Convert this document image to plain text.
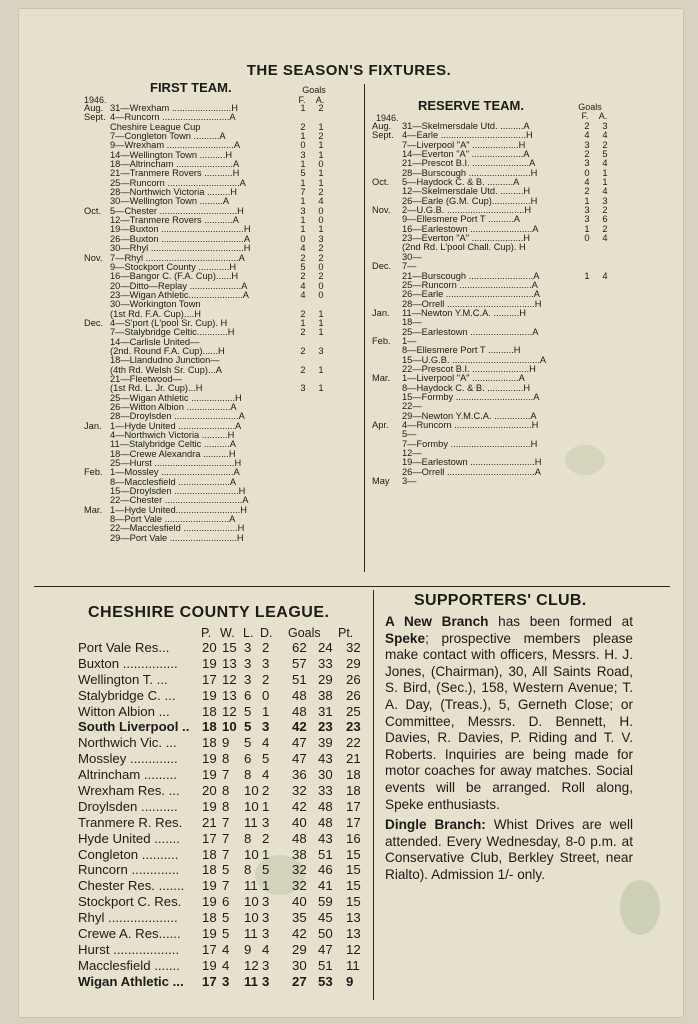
THE SEASON'S FIXTURES.
FIRST TEAM.	Goals
F.	A.
1946.
Aug. 31—Wrexham .......................H	1 2
Sept. 4—Runcorn ..........................A
Cheshire League Cup	2 1
7—Congleton Town ..........A	1 2
9—Wrexham ..........................A	0 1
14—Wellington Town ..........H	3 1
18—Altrincham ......................A	1 0
21—Tranmere Rovers ...........H	5 1
25—Runcorn ............................A	1 1
28—Northwich Victoria .........H	7 2
30—Wellington Town .........A	1 4
Oct. 5—Chester ..............................H	3 0
12—Tranmere Rovers ...........A	1 0
19—Buxton ................................H	1 1
26—Buxton ................................A	0 3
30—Rhyl ....................................H	4 2
Nov. 7—Rhyl ....................................A	2 2
9—Stockport County ............H	5 0
16—Bangor C. (F.A. Cup)......H	2 2
20—Ditto—Replay ....................A	4 0
23—Wigan Athletic.....................A	4 0
30—Workington Town
(1st Rd. F.A. Cup)....H	2 1
Dec. 4—S'port (L'pool Sr. Cup). H	1 1
7—Stalybridge Celtic............H	2 1
14—Carlisle United—
(2nd. Round F.A. Cup)......H	2 3
18—Llandudno Junction—
(4th Rd. Welsh Sr. Cup)...A	2 1
21—Fleetwood—
(1st Rd. L. Jr. Cup)...H	3 1
25—Wigan Athletic .................H
26—Witton Albion .................A
28—Droylsden .........................A
Jan. 1—Hyde United ......................A
4—Northwich Victoria ..........H
11—Stalybridge Celtic ..........A
18—Crewe Alexandra ..........H
25—Hurst ...............................H
Feb. 1—Mossley ............................A
8—Macclesfield ....................A
15—Droylsden .........................H
22—Chester ..............................A
Mar. 1—Hyde United.........................H
8—Port Vale .........................A
22—Macclesfield .....................H
29—Port Vale ..........................H
RESERVE TEAM.	Goals
F.	A.
1946.
Aug.	31—Skelmersdale Utd. .........A	2 3
Sept. 4—Earle .................................H	4 4
7—Liverpool "A" ..................H	3 2
14—Everton "A" ....................A	2 5
21—Prescot B.I. ......................A	3 4
28—Burscough ........................H	0 1
Oct.	5—Haydock C. & B. ..........A	4 1
12—Skelmersdale Utd. .........H	2 4
26—Earle (G.M. Cup)...............H	1 3
Nov.	2—U.G.B. ..............................H	3 2
9—Ellesmere Port T ..........A	3 6
16—Earlestown ........................A	1 2
23—Everton "A" ....................H	0 4
(2nd Rd. L'pool Chall. Cup). H
30—
Dec.	7—
21—Burscough .........................A	1 4
25—Runcorn ............................A
26—Earle ..................................A
28—Orrell ..................................H
Jan.	11—Newton Y.M.C.A. ..........H
18—
25—Earlestown ........................A
Feb.	1—
8—Ellesmere Port T ..........H
15—U.G.B. ..................................A
22—Prescot B.I. ......................H
Mar.	1—Liverpool "A" ..................A
8—Haydock C. & B. ..............H
15—Formby ..............................A
22—
29—Newton Y.M.C.A. ..............A
Apr.	4—Runcorn ..............................H
5—
7—Formby ...............................H
12—
19—Earlestown .........................H
26—Orrell ..................................A
May	3—
CHESHIRE COUNTY LEAGUE.
P. W. L. D. Goals Pt.
Port Vale Res... 20 15 3 2 62 24 32
Buxton ............... 19 13 3 3 57 33 29
Wellington T. ...	17 12 3 2 51 29 26
Stalybridge C. ... 19 13 6 0 48 38 26
Witton Albion ... 18 12 5 1 48 31 25
South Liverpool .. 18 10 5 3 42 23 23
Northwich Vic. ... 18 9 5 4 47 39 22
Mossley ............. 19 8 6 5 47 43 21
Altrincham ......... 19 7 8 4 36 30 18
Wrexham Res. ... 20 8 10 2 32 33 18
Droylsden .......... 19 8 10 1 42 48 17
Tranmere R. Res. 21 7 11 3 40 48 17
Hyde United ....... 17 7 8 2 48 43 16
Congleton .......... 18 7 10 1 38 51 15
Runcorn ............. 18 5 8 5 32 46 15
Chester Res. ....... 19 7 11 1 32 41 15
Stockport C. Res. 19 6 10 3 40 59 15
Rhyl ................... 18 5 10 3 35 45 13
Crewe A. Res...... 19 5 11 3 42 50 13
Hurst .................. 17 4 9 4 29 47 12
Macclesfield ....... 19 4 12 3 30 51 11
Wigan Athletic ... 17 3 11 3 27 53 9
SUPPORTERS' CLUB.

A New Branch has been formed at Speke; prospective members please make contact with officers, Messrs. H. J. Jones, (Chairman), 30, All Saints Road, S. Bird, (Sec.), 158, Western Avenue; T. A. Day, (Treas.), 5, Gerneth Close; or Committee, Messrs. D. Bennett, H. Davies, R. Davies, P. Riding and T. V. Roberts. Inquiries are being made for motor coaches for away matches. Social events will be arranged. Roll along, Speke enthusiasts.

Dingle Branch: Whist Drives are well attended. Every Wednesday, 8-0 p.m. at Conservative Club, Berkley Street, near Rialto). Admission 1/- only.
